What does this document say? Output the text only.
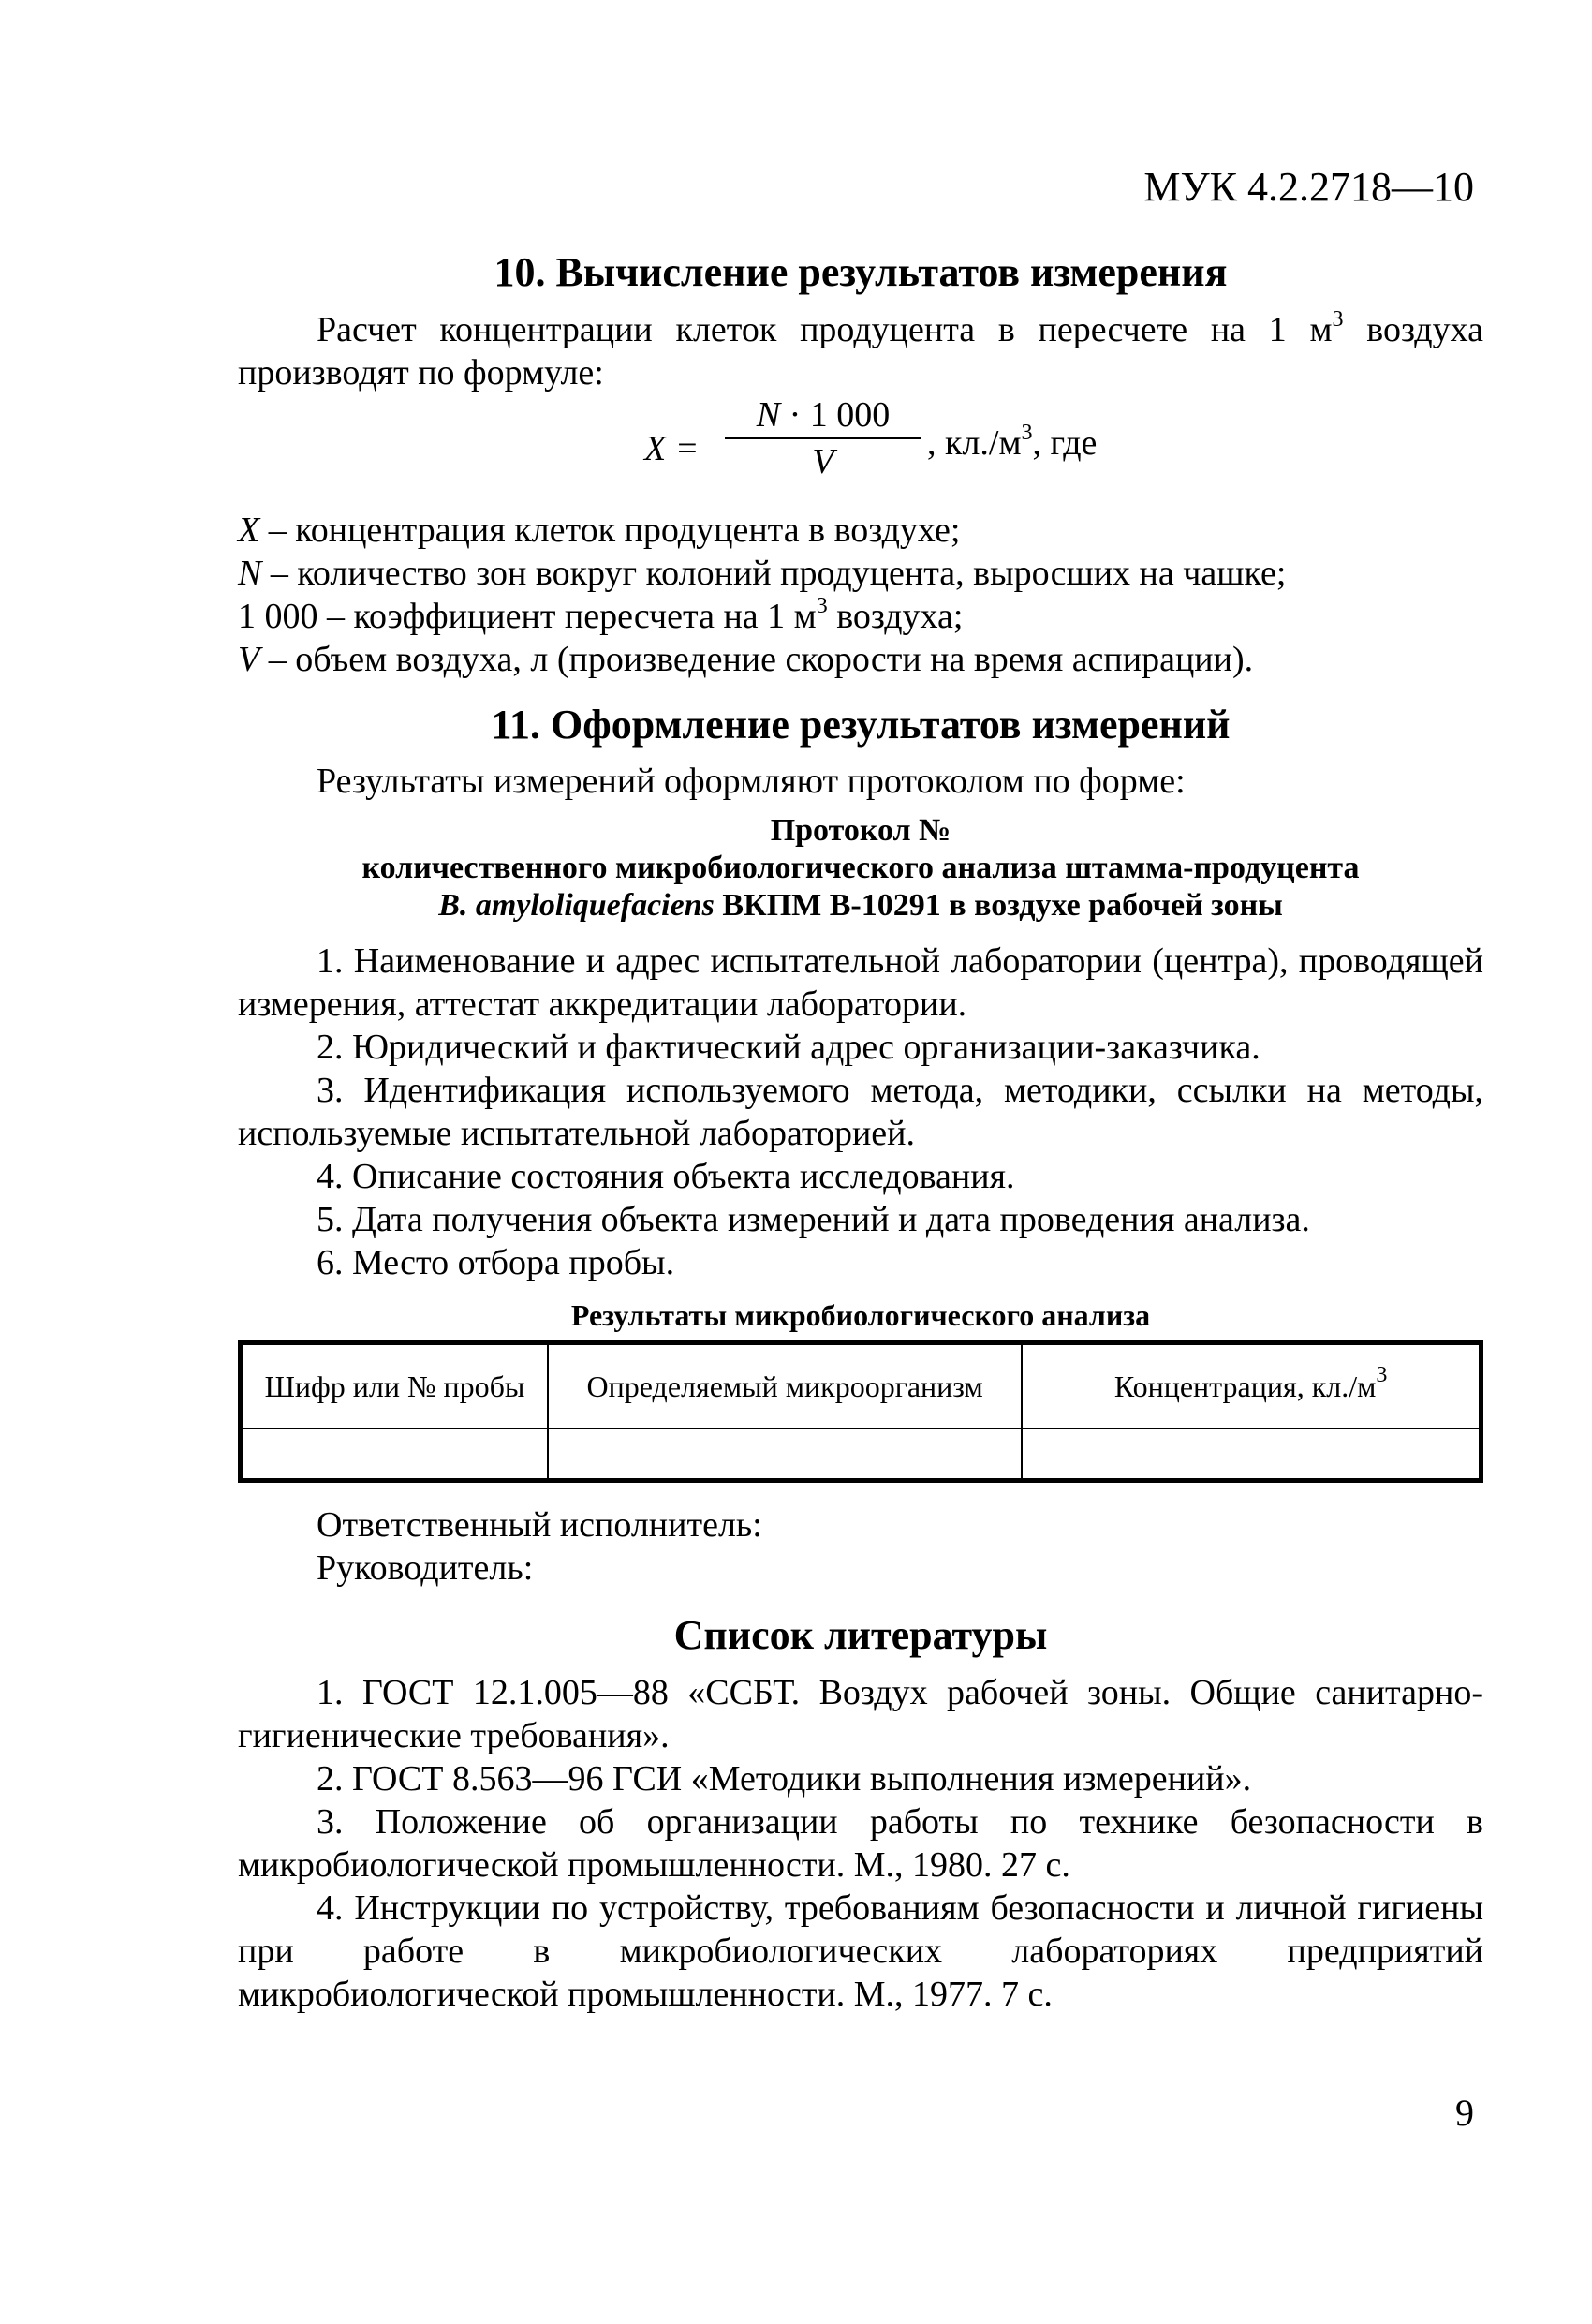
МУК 4.2.2718—10
10. Вычисление результатов измерения

Расчет концентрации клеток продуцента в пересчете на 1 $м^3$ воздуха производят по формуле:

X =
N · 1 000
V	, $кл./м^3$, где

X – концентрация клеток продуцента в воздухе;

N – количество зон вокруг колоний продуцента, выросших на чашке;

1 000 – коэффициент пересчета на 1 $м^3$ воздуха;

V – объем воздуха, л (произведение скорости на время аспирации).

11. Оформление результатов измерений

Результаты измерений оформляют протоколом по форме:

Протокол №
количественного микробиологического анализа штамма-продуцента
B. amyloliquefaciens ВКПМ В-10291 в воздухе рабочей зоны

1. Наименование и адрес испытательной лаборатории (центра), проводящей измерения, аттестат аккредитации лаборатории.

2. Юридический и фактический адрес организации-заказчика.

3. Идентификация используемого метода, методики, ссылки на методы, используемые испытательной лабораторией.

4. Описание состояния объекта исследования.

5. Дата получения объекта измерений и дата проведения анализа.

6. Место отбора пробы.

Результаты микробиологического анализа
Шифр или № пробы	Определяемый микроорганизм	Концентрация, $кл./м^3$

Ответственный исполнитель:

Руководитель:

Список литературы

1. ГОСТ 12.1.005—88 «ССБТ. Воздух рабочей зоны. Общие санитарно-гигиенические требования».

2. ГОСТ 8.563—96 ГСИ «Методики выполнения измерений».

3. Положение об организации работы по технике безопасности в микробиологической промышленности. М., 1980. 27 с.

4. Инструкции по устройству, требованиям безопасности и личной гигиены при работе в микробиологических лабораториях предприятий микробиологической промышленности. М., 1977. 7 с.

9
